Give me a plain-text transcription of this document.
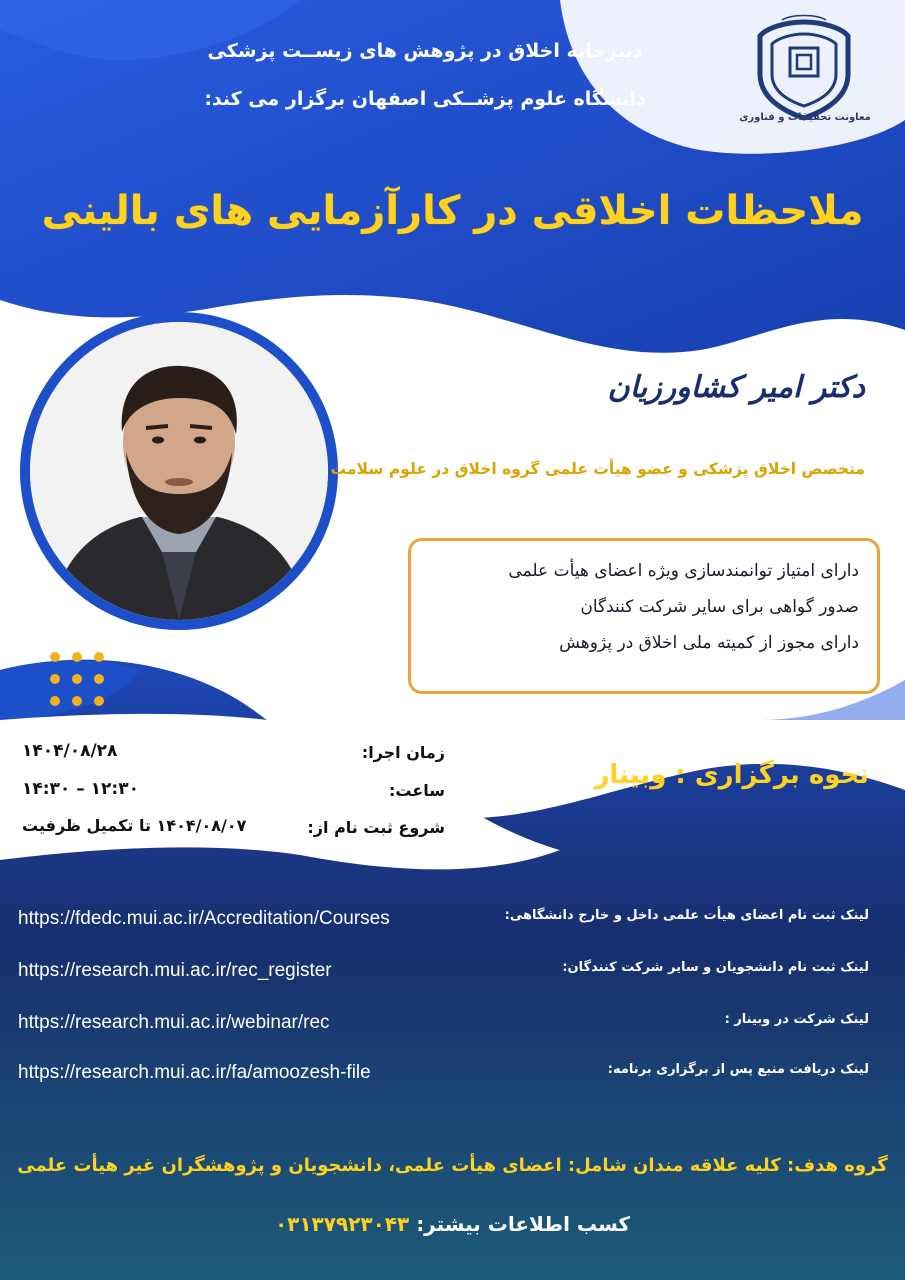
دبیرخانه اخلاق در پژوهش های زیســت پزشکی
دانشگاه علوم پزشــکی اصفهان برگزار می کند:
معاونت تحقیقات و فناوری
ملاحظات اخلاقی در کارآزمایی های بالینی
دکتر امیر کشاورزیان
متخصص اخلاق پزشکی و عضو هیأت علمی گروه اخلاق در علوم سلامت
دارای امتیاز توانمندسازی ویژه اعضای هیأت علمی
صدور گواهی برای سایر شرکت کنندگان
دارای مجوز از کمیته ملی اخلاق در پژوهش
زمان اجرا:
۱۴۰۴/۰۸/۲۸
ساعت:
۱۴:۳۰ – ۱۲:۳۰
شروع ثبت نام از:
۱۴۰۴/۰۸/۰۷ تا تکمیل ظرفیت
نحوه برگزاری : وبینار
لینک ثبت نام اعضای هیأت علمی داخل و خارج دانشگاهی:
https://fdedc.mui.ac.ir/Accreditation/Courses
لینک ثبت نام دانشجویان و سایر شرکت کنندگان:
https://research.mui.ac.ir/rec_register
لینک شرکت در وبینار :
https://research.mui.ac.ir/webinar/rec
لینک دریافت منبع پس از برگزاری برنامه:
https://research.mui.ac.ir/fa/amoozesh-file
گروه هدف: کلیه علاقه مندان شامل: اعضای هیأت علمی، دانشجویان و پژوهشگران غیر هیأت علمی
کسب اطلاعات بیشتر: ۰۳۱۳۷۹۲۳۰۴۳
